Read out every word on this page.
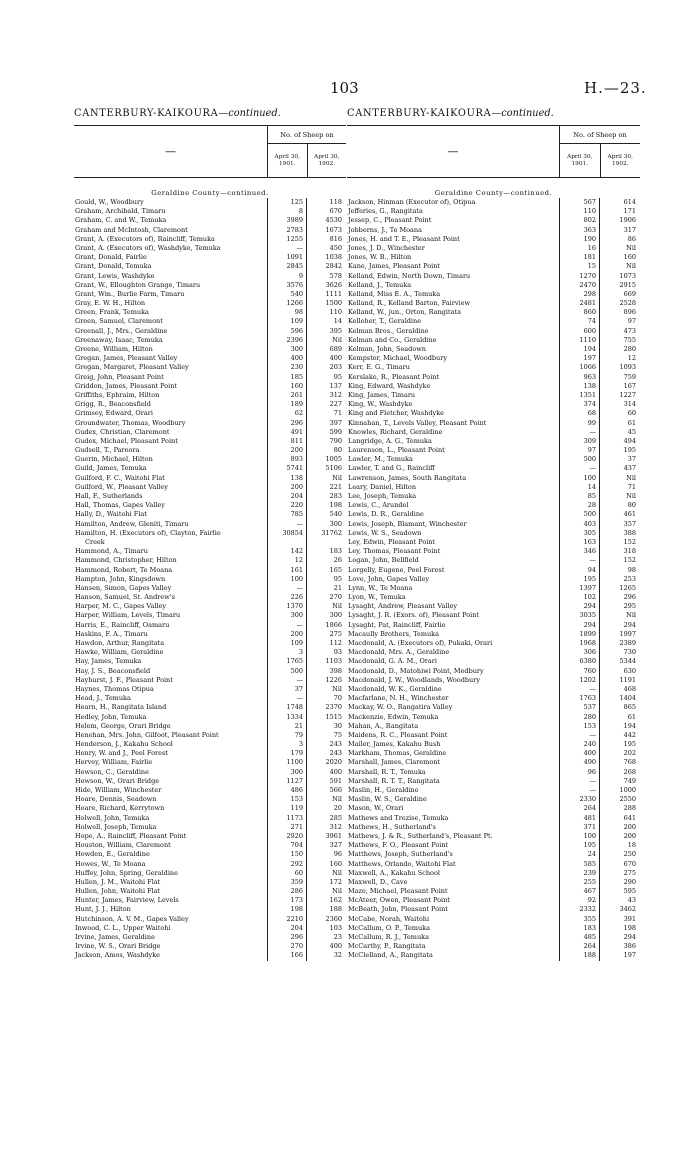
103	H.—23.
CANTERBURY-KAIKOURA—continued.
—
No. of Sheep on
April 30, 1901.
April 30, 1902.
Geraldine County—continued.
Gould, W., Woodbury	125	118
Graham, Archibald, Timaru	8	670
Graham, C. and W., Temuka	3989	4530
Graham and McIntosh, Claremont	2783	1673
Grant, A. (Executors of), Raincliff, Temuka	1255	816
Grant, A. (Executors of), Washdyke, Temuka	—	450
Grant, Donald, Fairlie	1091	1038
Grant, Donald, Temuka	2845	2842
Grant, Lewis, Washdyke	9	578
Grant, W., Elloughton Grange, Timaru	3576	3626
Grant, Wm., Burlie Farm, Timaru	540	1111
Gray, E. W. H., Hilton	1266	1500
Green, Frank, Temuka	98	110
Green, Samuel, Claremont	109	14
Greenall, J., Mrs., Geraldine	596	395
Greenaway, Isaac, Temuka	2396	Nil
Greene, William, Hilton	300	689
Gregan, James, Pleasant Valley	400	400
Gregan, Margaret, Pleasant Valley	230	203
Greig, John, Pleasant Point	185	95
Griddon, James, Pleasant Point	160	137
Griffiths, Ephraim, Hilton	261	312
Grigg, R., Beaconsfield	189	227
Grimsey, Edward, Orari	62	71
Groundwater, Thomas, Woodbury	296	397
Gudex, Christian, Claremont	491	599
Gudex, Michael, Pleasant Point	811	790
Gudsell, T., Pareora	200	80
Guerin, Michael, Hilton	893	1005
Guild, James, Temuka	5741	5106
Guilford, F. C., Waitohi Flat	138	Nil
Guilford, W., Pleasant Valley	200	221
Hall, F., Sutherlands	204	283
Hall, Thomas, Gapes Valley	220	198
Hally, D., Waitohi Flat	785	540
Hamilton, Andrew, Gleniti, Timaru	—	300
Hamilton, H. (Executors of), Clayton, Fairlie	30854	31762
Creek
Hammond, A., Timaru	142	183
Hammond, Christopher, Hilton	12	26
Hammond, Robert, Te Moana	161	165
Hampton, John, Kingsdown	100	95
Hansen, Simon, Gapes Valley	—	21
Hanson, Samuel, St. Andrew's	226	270
Harper, M. C., Gapes Valley	1370	Nil
Harper, William, Levels, Timaru	300	300
Harris, E., Raincliff, Oamaru	—	1866
Haskins, F. A., Timaru	200	275
Hawdon, Arthur, Rangitata	109	112
Hawke, William, Geraldine	3	93
Hay, James, Temuka	1765	1103
Hay, J. S., Beaconsfield	500	398
Hayhurst, J. F., Pleasant Point	—	1226
Haynes, Thomas Otipua	37	Nil
Head, J., Temuka	—	70
Hearn, H., Rangitata Island	1748	2370
Hedley, John, Temuka	1334	1515
Helem, George, Orari Bridge	21	30
Henehan, Mrs. John, Gilfoot, Pleasant Point	79	75
Henderson, J., Kakahu School	3	243
Henry, W. and J., Peel Forest	179	243
Hervey, William, Fairlie	1100	2020
Hewson, C., Geraldine	300	400
Hewson, W., Orari Bridge	1127	591
Hide, William, Winchester	486	566
Hoare, Dennis, Seadown	153	Nil
Hoare, Richard, Kerrytown	119	20
Holwell, John, Temuka	1173	285
Holwell, Joseph, Temuka	271	312
Hope, A., Raincliff, Pleasant Point	2920	3961
Houston, William, Claremont	704	327
Howden, E., Geraldine	150	96
Howes, W., Te Moana	292	160
Huffey, John, Spring, Geraldine	60	Nil
Hullen, J. M., Waitohi Flat	359	172
Hullen, John, Waitohi Flat	286	Nil
Hunter, James, Fairview, Levels	173	162
Hunt, J. J., Hilton	198	188
Hutchinson, A. V. M., Gapes Valley	2210	2360
Inwood, C. L., Upper Waitohi	204	103
Irvine, James, Geraldine	296	23
Irvine, W. S., Orari Bridge	270	400
Jackson, Amos, Washdyke	166	32
CANTERBURY-KAIKOURA—continued.
—
No. of Sheep on
April 30, 1901.
April 30, 1902.
Geraldine County—continued.
Jackson, Hinman (Executor of), Otipua	567	614
Jefferies, G., Rangitata	110	171
Jessep, C., Pleasant Point	802	1906
Jobberns, J., Te Moana	363	317
Jones, H. and T. E., Pleasant Point	190	86
Jones, J. D., Winchester	16	Nil
Jones, W. B., Hilton	181	160
Kane, James, Pleasant Point	15	Nil
Kelland, Edwin, North Down, Timaru	1270	1073
Kelland, J., Temuka	2470	2915
Kelland, Miss E. A., Temuka	298	669
Kelland, R., Kelland Barton, Fairview	2481	2528
Kelland, W., jun., Orton, Rangitata	860	896
Kelleher, T., Geraldine	74	97
Kelman Bros., Geraldine	600	473
Kelman and Co., Geraldine	1110	755
Kelman, John, Seadown	194	280
Kempster, Michael, Woodbury	197	12
Kerr, E. G., Timaru	1066	1093
Kerslake, R., Pleasant Point	963	759
King, Edward, Washdyke	138	167
King, James, Timaru	1351	1227
King, W., Washdyke	374	314
King and Fletcher, Washdyke	68	60
Kinnahan, T., Levels Valley, Pleasant Point	99	61
Knowles, Richard, Geraldine	—	45
Langridge, A. G., Temuka	309	494
Laurenson, L., Pleasant Point	97	195
Lawler, M., Temuka	500	37
Lawler, T. and G., Raincliff	—	437
Lawrenson, James, South Rangitata	100	Nil
Leary, Daniel, Hilton	14	71
Lee, Joseph, Temuka	85	Nil
Lewis, C., Arundel	28	80
Lewis, D. R., Geraldine	500	461
Lewis, Joseph, Blamant, Winchester	403	357
Lewis, W. S., Seadown	305	388
Ley, Edwin, Pleasant Point	163	152
Ley, Thomas, Pleasant Point	346	318
Logan, John, Bellfield	—	152
Lorgelly, Eugene, Peel Forest	94	98
Love, John, Gapes Valley	195	253
Lynn, W., Te Moana	1397	1265
Lyon, W., Temuka	102	296
Lysaght, Andrew, Pleasant Valley	294	295
Lysaght, J. R. (Exors. of), Pleasant Point	3035	Nil
Lysaght, Pat, Raincliff, Fairlie	294	294
Macaully Brothers, Temuka	1899	1997
Macdonald, A. (Executors of), Pukaki, Orari	1968	2389
Macdonald, Mrs. A., Geraldine	306	730
Macdonald, G. A. M., Orari	6380	5344
Macdonald, D., Matohiwi Point, Medbury	760	630
Macdonald, J. W., Woodlands, Woodbury	1202	1191
Macdonald, W. K., Geraldine	—	468
Macfarlane, N. H., Winchester	1763	1404
Mackay, W. O., Rangatira Valley	537	865
Mackenzie, Edwin, Temuka	280	61
Mahan, A., Rangitata	153	194
Maidens, R. C., Pleasant Point	—	442
Mailer, James, Kakahu Bush	240	195
Markham, Thomas, Geraldine	400	202
Marshall, James, Claremont	490	768
Marshall, R. T., Temuka	96	268
Marshall, R. T. T., Rangitata	—	749
Maslin, H., Geraldine	—	1000
Maslin, W. S., Geraldine	2330	2550
Mason, W., Orari	264	288
Mathews and Trezise, Temuka	481	641
Mathews, H., Sutherland's	371	200
Mathews, J. & R., Sutherland's, Pleasant Pt.	100	200
Mathews, F. O., Pleasant Point	195	18
Matthews, Joseph, Sutherland's	24	250
Matthews, Orlando, Waitohi Flat	585	670
Maxwell, A., Kakahu School	239	275
Maxwell, D., Cave	255	290
Maze, Michael, Pleasant Point	467	595
McAteer, Owen, Pleasant Point	92	43
McBeath, John, Pleasant Point	2332	3462
McCabe, Norah, Waitohi	355	391
McCallum, O. P., Temuka	183	198
McCallum, R. J., Temuka	485	294
McCarthy, P., Rangitata	264	386
McClelland, A., Rangitata	188	197
